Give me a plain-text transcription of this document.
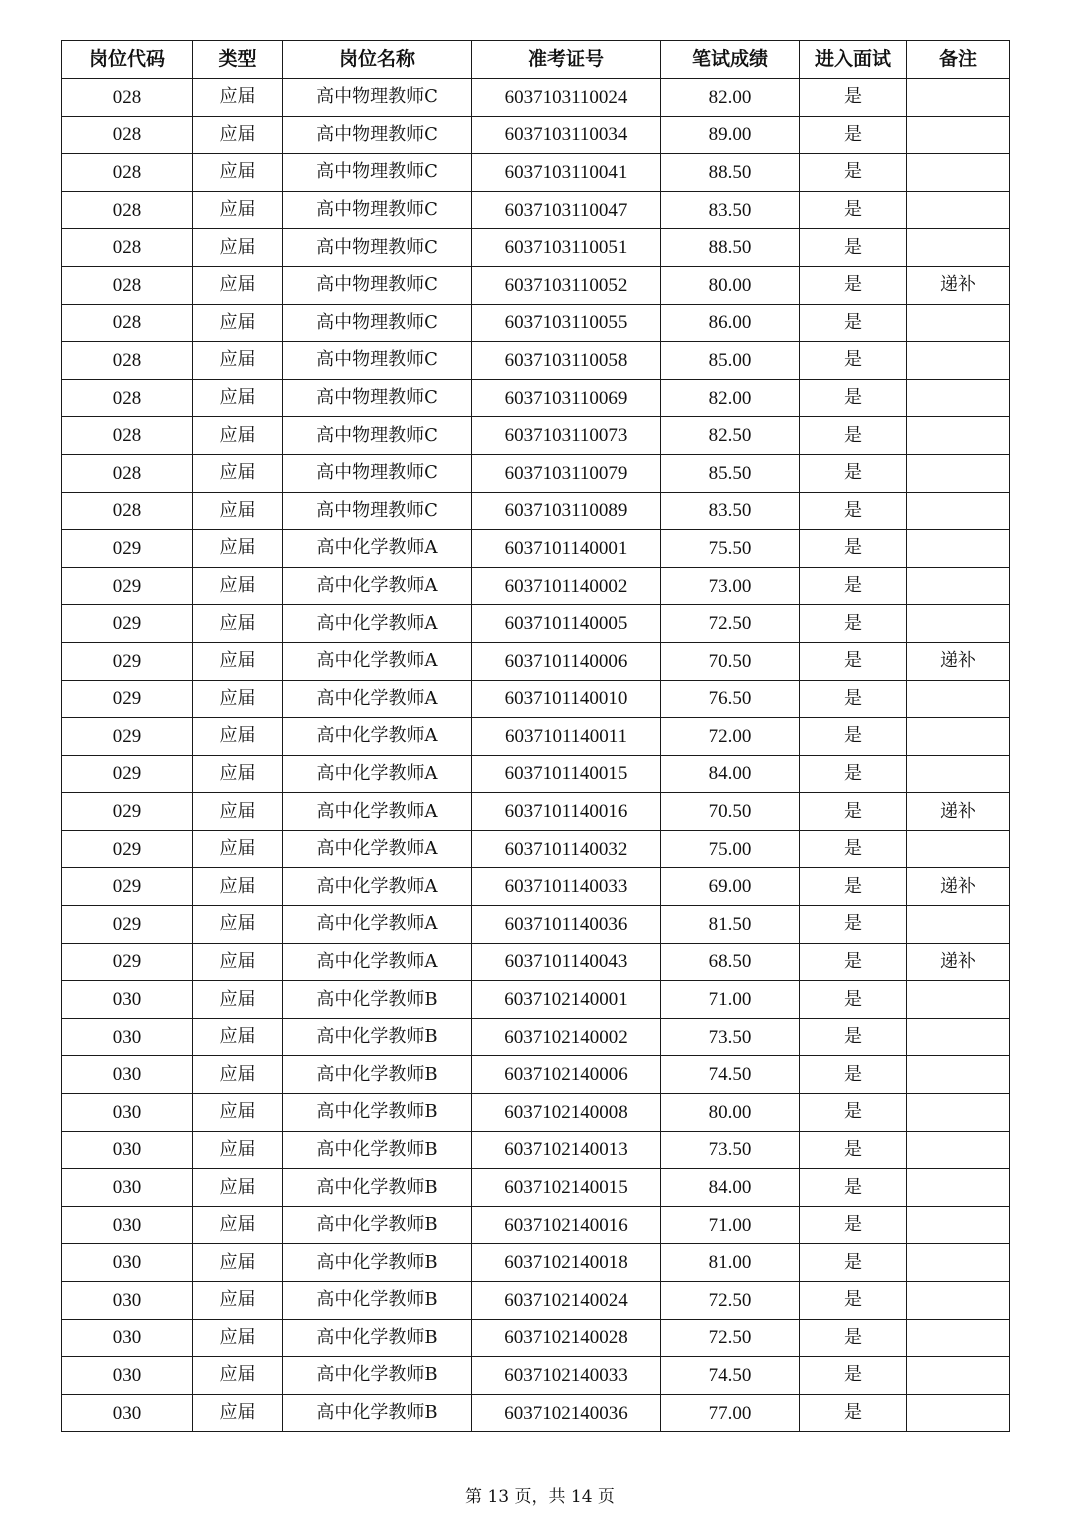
岗位代码	类型	岗位名称	准考证号	笔试成绩	进入面试	备注
028	应届	高中物理教师C	6037103110024	82.00	是	
028	应届	高中物理教师C	6037103110034	89.00	是	
028	应届	高中物理教师C	6037103110041	88.50	是	
028	应届	高中物理教师C	6037103110047	83.50	是	
028	应届	高中物理教师C	6037103110051	88.50	是	
028	应届	高中物理教师C	6037103110052	80.00	是	递补
028	应届	高中物理教师C	6037103110055	86.00	是	
028	应届	高中物理教师C	6037103110058	85.00	是	
028	应届	高中物理教师C	6037103110069	82.00	是	
028	应届	高中物理教师C	6037103110073	82.50	是	
028	应届	高中物理教师C	6037103110079	85.50	是	
028	应届	高中物理教师C	6037103110089	83.50	是	
029	应届	高中化学教师A	6037101140001	75.50	是	
029	应届	高中化学教师A	6037101140002	73.00	是	
029	应届	高中化学教师A	6037101140005	72.50	是	
029	应届	高中化学教师A	6037101140006	70.50	是	递补
029	应届	高中化学教师A	6037101140010	76.50	是	
029	应届	高中化学教师A	6037101140011	72.00	是	
029	应届	高中化学教师A	6037101140015	84.00	是	
029	应届	高中化学教师A	6037101140016	70.50	是	递补
029	应届	高中化学教师A	6037101140032	75.00	是	
029	应届	高中化学教师A	6037101140033	69.00	是	递补
029	应届	高中化学教师A	6037101140036	81.50	是	
029	应届	高中化学教师A	6037101140043	68.50	是	递补
030	应届	高中化学教师B	6037102140001	71.00	是	
030	应届	高中化学教师B	6037102140002	73.50	是	
030	应届	高中化学教师B	6037102140006	74.50	是	
030	应届	高中化学教师B	6037102140008	80.00	是	
030	应届	高中化学教师B	6037102140013	73.50	是	
030	应届	高中化学教师B	6037102140015	84.00	是	
030	应届	高中化学教师B	6037102140016	71.00	是	
030	应届	高中化学教师B	6037102140018	81.00	是	
030	应届	高中化学教师B	6037102140024	72.50	是	
030	应届	高中化学教师B	6037102140028	72.50	是	
030	应届	高中化学教师B	6037102140033	74.50	是	
030	应届	高中化学教师B	6037102140036	77.00	是	
第 13 页，共 14 页
